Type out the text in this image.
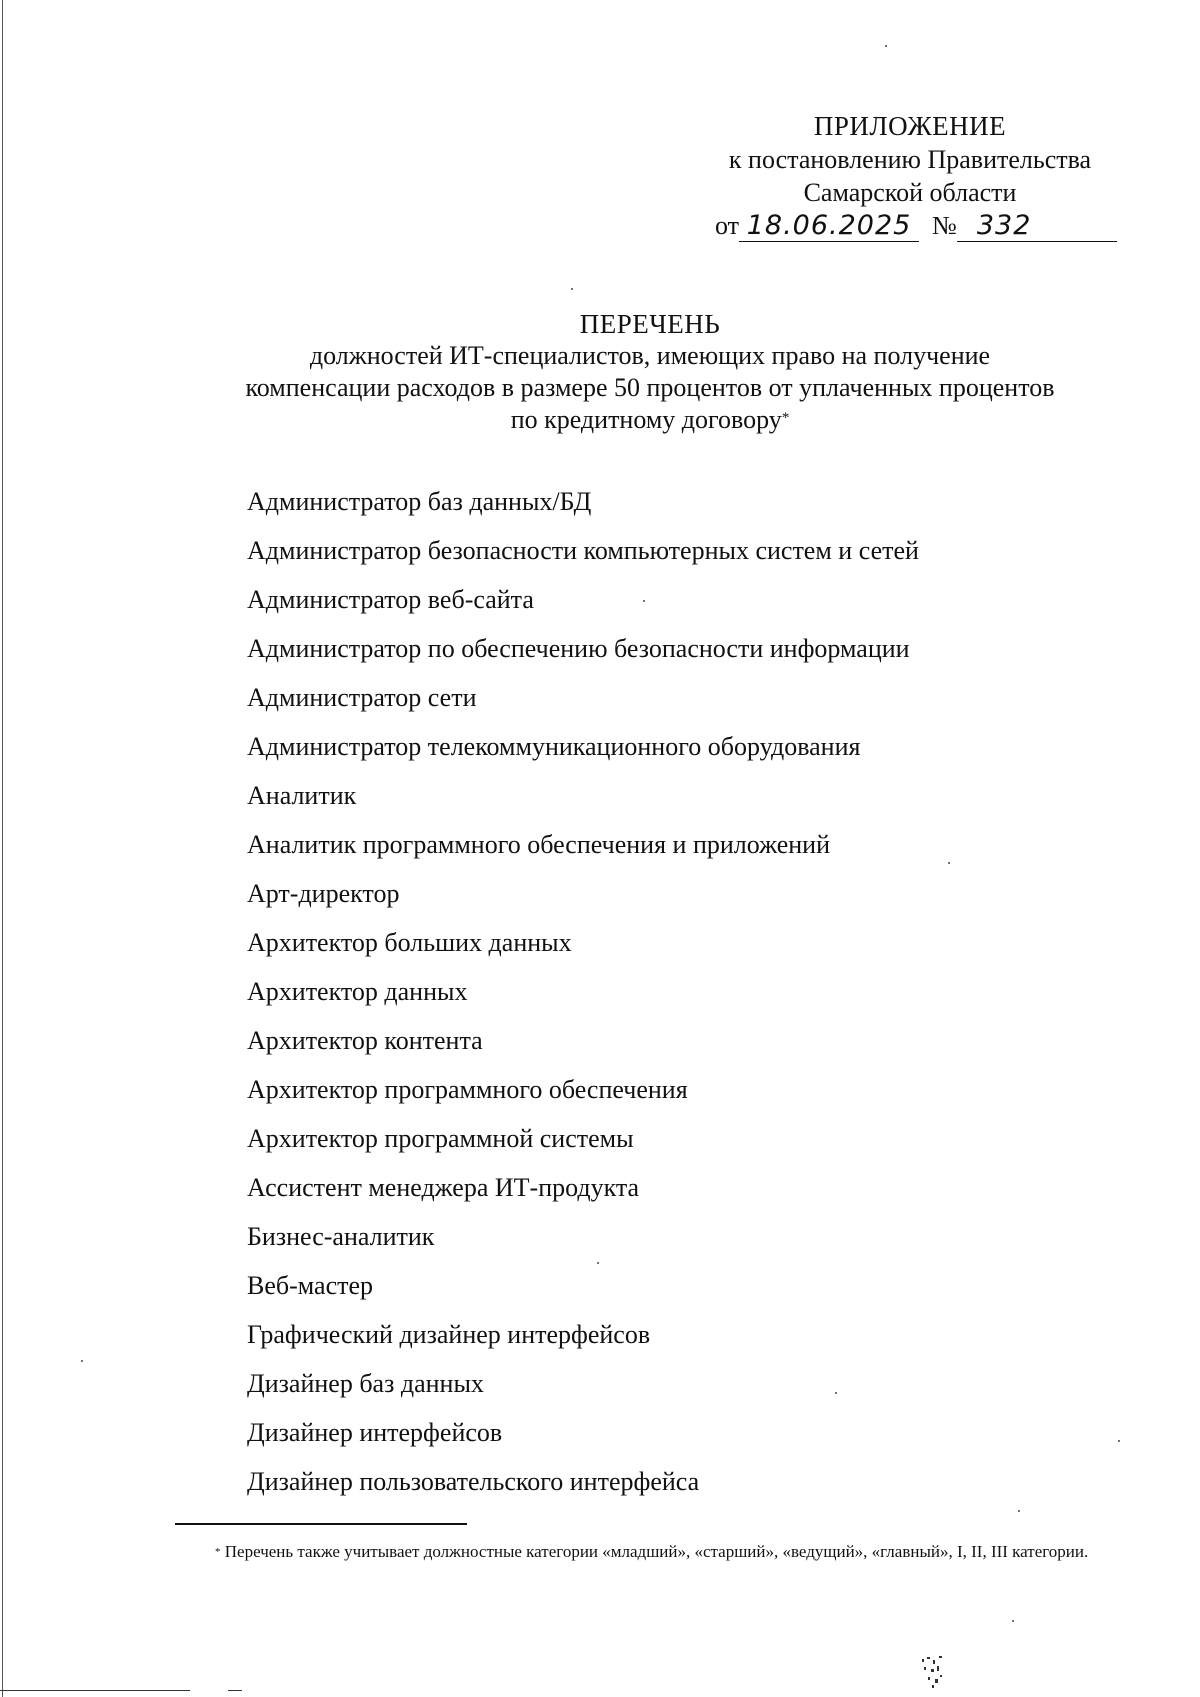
ПРИЛОЖЕНИЕ
к постановлению Правительства
Самарской области
от 18.06.2025 № 332
ПЕРЕЧЕНЬ
должностей ИТ-специалистов, имеющих право на получение
компенсации расходов в размере 50 процентов от уплаченных процентов
по кредитному договору*
Администратор баз данных/БД
Администратор безопасности компьютерных систем и сетей
Администратор веб-сайта
Администратор по обеспечению безопасности информации
Администратор сети
Администратор телекоммуникационного оборудования
Аналитик
Аналитик программного обеспечения и приложений
Арт-директор
Архитектор больших данных
Архитектор данных
Архитектор контента
Архитектор программного обеспечения
Архитектор программной системы
Ассистент менеджера ИТ-продукта
Бизнес-аналитик
Веб-мастер
Графический дизайнер интерфейсов
Дизайнер баз данных
Дизайнер интерфейсов
Дизайнер пользовательского интерфейса
* Перечень также учитывает должностные категории «младший», «старший», «ведущий», «главный», I, II, III категории.
